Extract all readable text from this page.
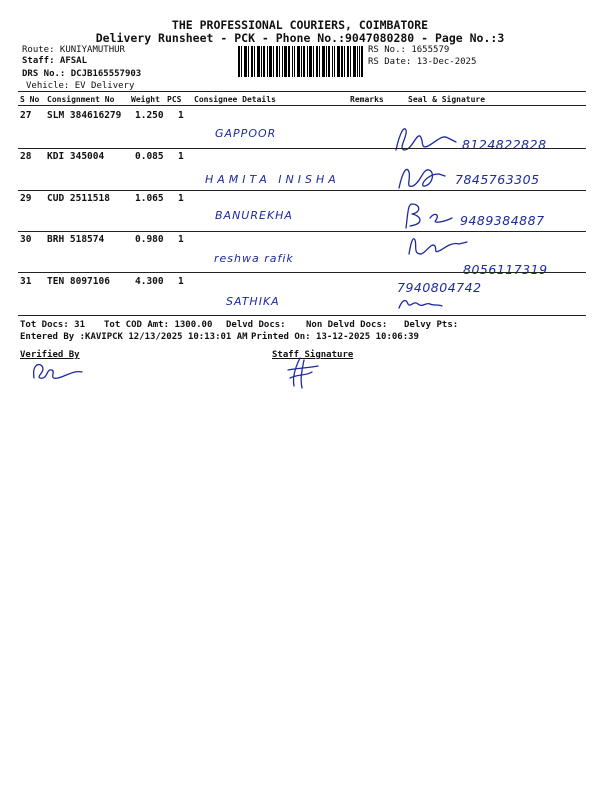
THE PROFESSIONAL COURIERS, COIMBATORE
Delivery Runsheet - PCK - Phone No.:9047080280 - Page No.:3
Route: KUNIYAMUTHUR
Staff: AFSAL
DRS No.: DCJB165557903
Vehicle: EV Delivery
RS No.: 1655579
RS Date: 13-Dec-2025
S No Consignment No Weight PCS Consignee Details	Remarks	Seal & Signature
27 SLM 384616279 1.250 1
GAPPOOR
8124822828
28 KDI 345004	0.085 1
HAMITA INISHA	7845763305
29 CUD 2511518	1.065 1
BANUREKHA	9489384887
30 BRH 518574	0.980 1
reshwa rafik
8056117319
31 TEN 8097106	4.300 1
SATHIKA
7940804742
Tot Docs: 31 Tot COD Amt: 1300.00 Delvd Docs: Non Delvd Docs: Delvy Pts:
Entered By :KAVIPCK 12/13/2025 10:13:01 AM Printed On: 13-12-2025 10:06:39
Verified By	Staff Signature
